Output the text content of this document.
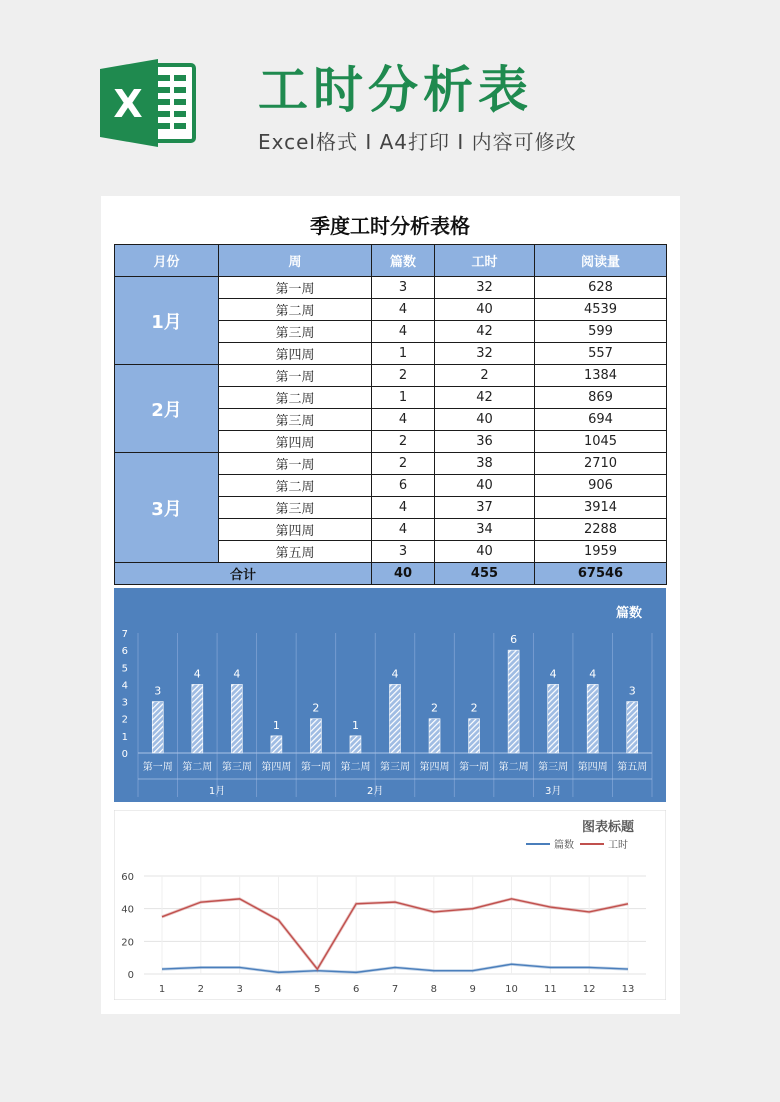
X 工时分析表
Excel格式 I A4打印 I 内容可修改
季度工时分析表格
月份	周	篇数	工时	阅读量
1月	第一周	3	32	628
	第二周	4	40	4539
	第三周	4	42	599
	第四周	1	32	557
2月	第一周	2	2	1384
	第二周	1	42	869
	第三周	4	40	694
	第四周	2	36	1045
3月	第一周	2	38	2710
	第二周	6	40	906
	第三周	4	37	3914
	第四周	4	34	2288
	第五周	3	40	1959
合计		40	455	67546
篇数
0
1
2
3
4
5
6
7
3
第一周
4
第二周
4
第三周
1
第四周
2
第一周
1
第二周
4
第三周
2
第四周
2
第一周
6
第二周
4
第三周
4
第四周
3
第五周
1月	2月	3月
图表标题
篇数	工时
0
20
40
60
1	2	3	4	5	6	7	8	9	10	11	12	13
